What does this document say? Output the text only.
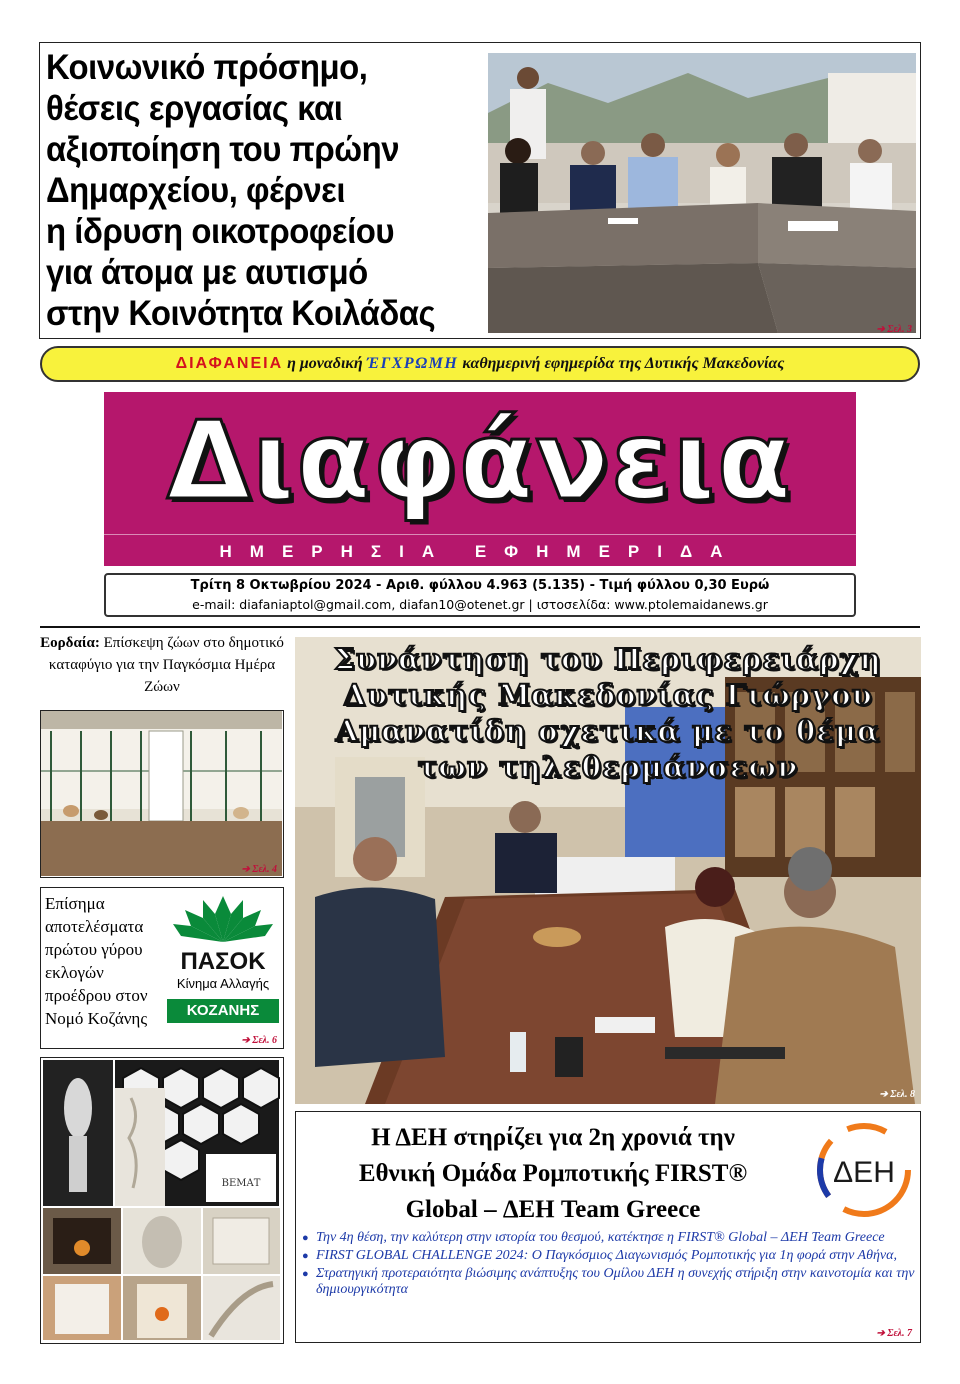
Κοινωνικό πρόσημο,
θέσεις εργασίας και
αξιοποίηση του πρώην
Δημαρχείου, φέρνει
η ίδρυση οικοτροφείου
για άτομα με αυτισμό
στην Κοινότητα Κοιλάδας	➔ Σελ. 3
ΔΙΑΦΑΝΕΙΑ η μοναδική ΈΓΧΡΩΜΗ καθημερινή εφημερίδα της Δυτικής Μακεδονίας
Διαφάνεια
ΗΜΕΡΗΣΙΑ ΕΦΗΜΕΡΙΔΑ
Τρίτη 8 Οκτωβρίου 2024 - Αριθ. φύλλου 4.963 (5.135) - Τιμή φύλλου 0,30 Ευρώ
e-mail: diafaniaptol@gmail.com, diafan10@otenet.gr | ιστοσελίδα: www.ptolemaidanews.gr

Εορδαία: Επίσκεψη ζώων στο δημοτικό καταφύγιο για την Παγκόσμια Ημέρα Ζώων

➔ Σελ. 4

Επίσημα αποτελέσματα πρώτου γύρου εκλογών προέδρου στον Νομό Κοζάνης

ΠΑΣΟΚ
Κίνημα Αλλαγής
ΚΟΖΑΝΗΣ
➔ Σελ. 6
ΒΕΜΑΤ
Συνάντηση του Περιφερειάρχη
Δυτικής Μακεδονίας Γιώργου
Αμανατίδη σχετικά με το θέμα
των τηλεθερμάνσεων
➔ Σελ. 8
Η ΔΕΗ στηρίζει για 2η χρονιά την
Εθνική Ομάδα Ρομποτικής FIRST®
Global – ΔΕΗ Team Greece
ΔΕΗ
● Την 4η θέση, την καλύτερη στην ιστορία του θεσμού, κατέκτησε η FIRST® Global – ΔΕΗ Team Greece
● FIRST GLOBAL CHALLENGE 2024: Ο Παγκόσμιος Διαγωνισμός Ρομποτικής για 1η φορά στην Αθήνα,
● Στρατηγική προτεραιότητα βιώσιμης ανάπτυξης του Ομίλου ΔΕΗ η συνεχής στήριξη στην καινοτομία και την δημιουργικότητα
➔ Σελ. 7
